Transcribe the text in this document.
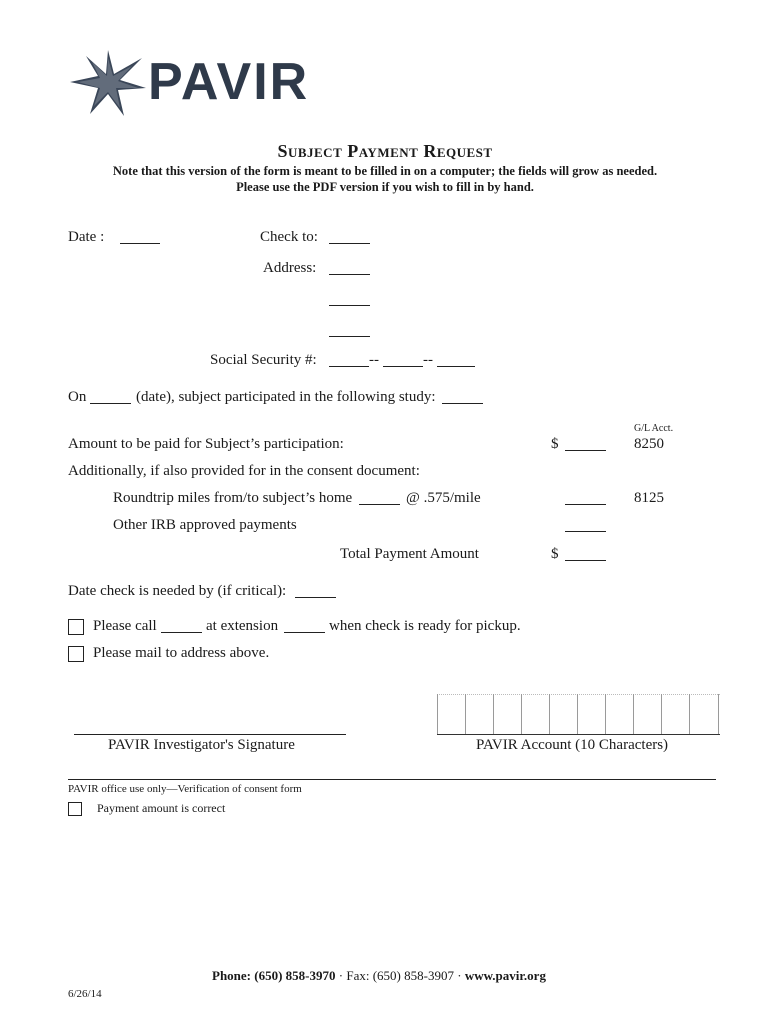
PAVIR
Subject Payment Request
Note that this version of the form is meant to be filled in on a computer; the fields will grow as needed.
Please use the PDF version if you wish to fill in by hand.
Date :	Check to:
Address:
Social Security #:	--	--
On	(date), subject participated in the following study:
G/L Acct.
Amount to be paid for Subject’s participation:	$	8250
Additionally, if also provided for in the consent document:
Roundtrip miles from/to subject’s home	@ .575/mile	8125
Other IRB approved payments
Total Payment Amount	$
Date check is needed by (if critical):
Please call	at extension	when check is ready for pickup.
Please mail to address above.
PAVIR Investigator's Signature	PAVIR Account (10 Characters)
PAVIR office use only—Verification of consent form
Payment amount is correct
Phone: (650) 858-3970 · Fax: (650) 858-3907 · www.pavir.org
6/26/14
